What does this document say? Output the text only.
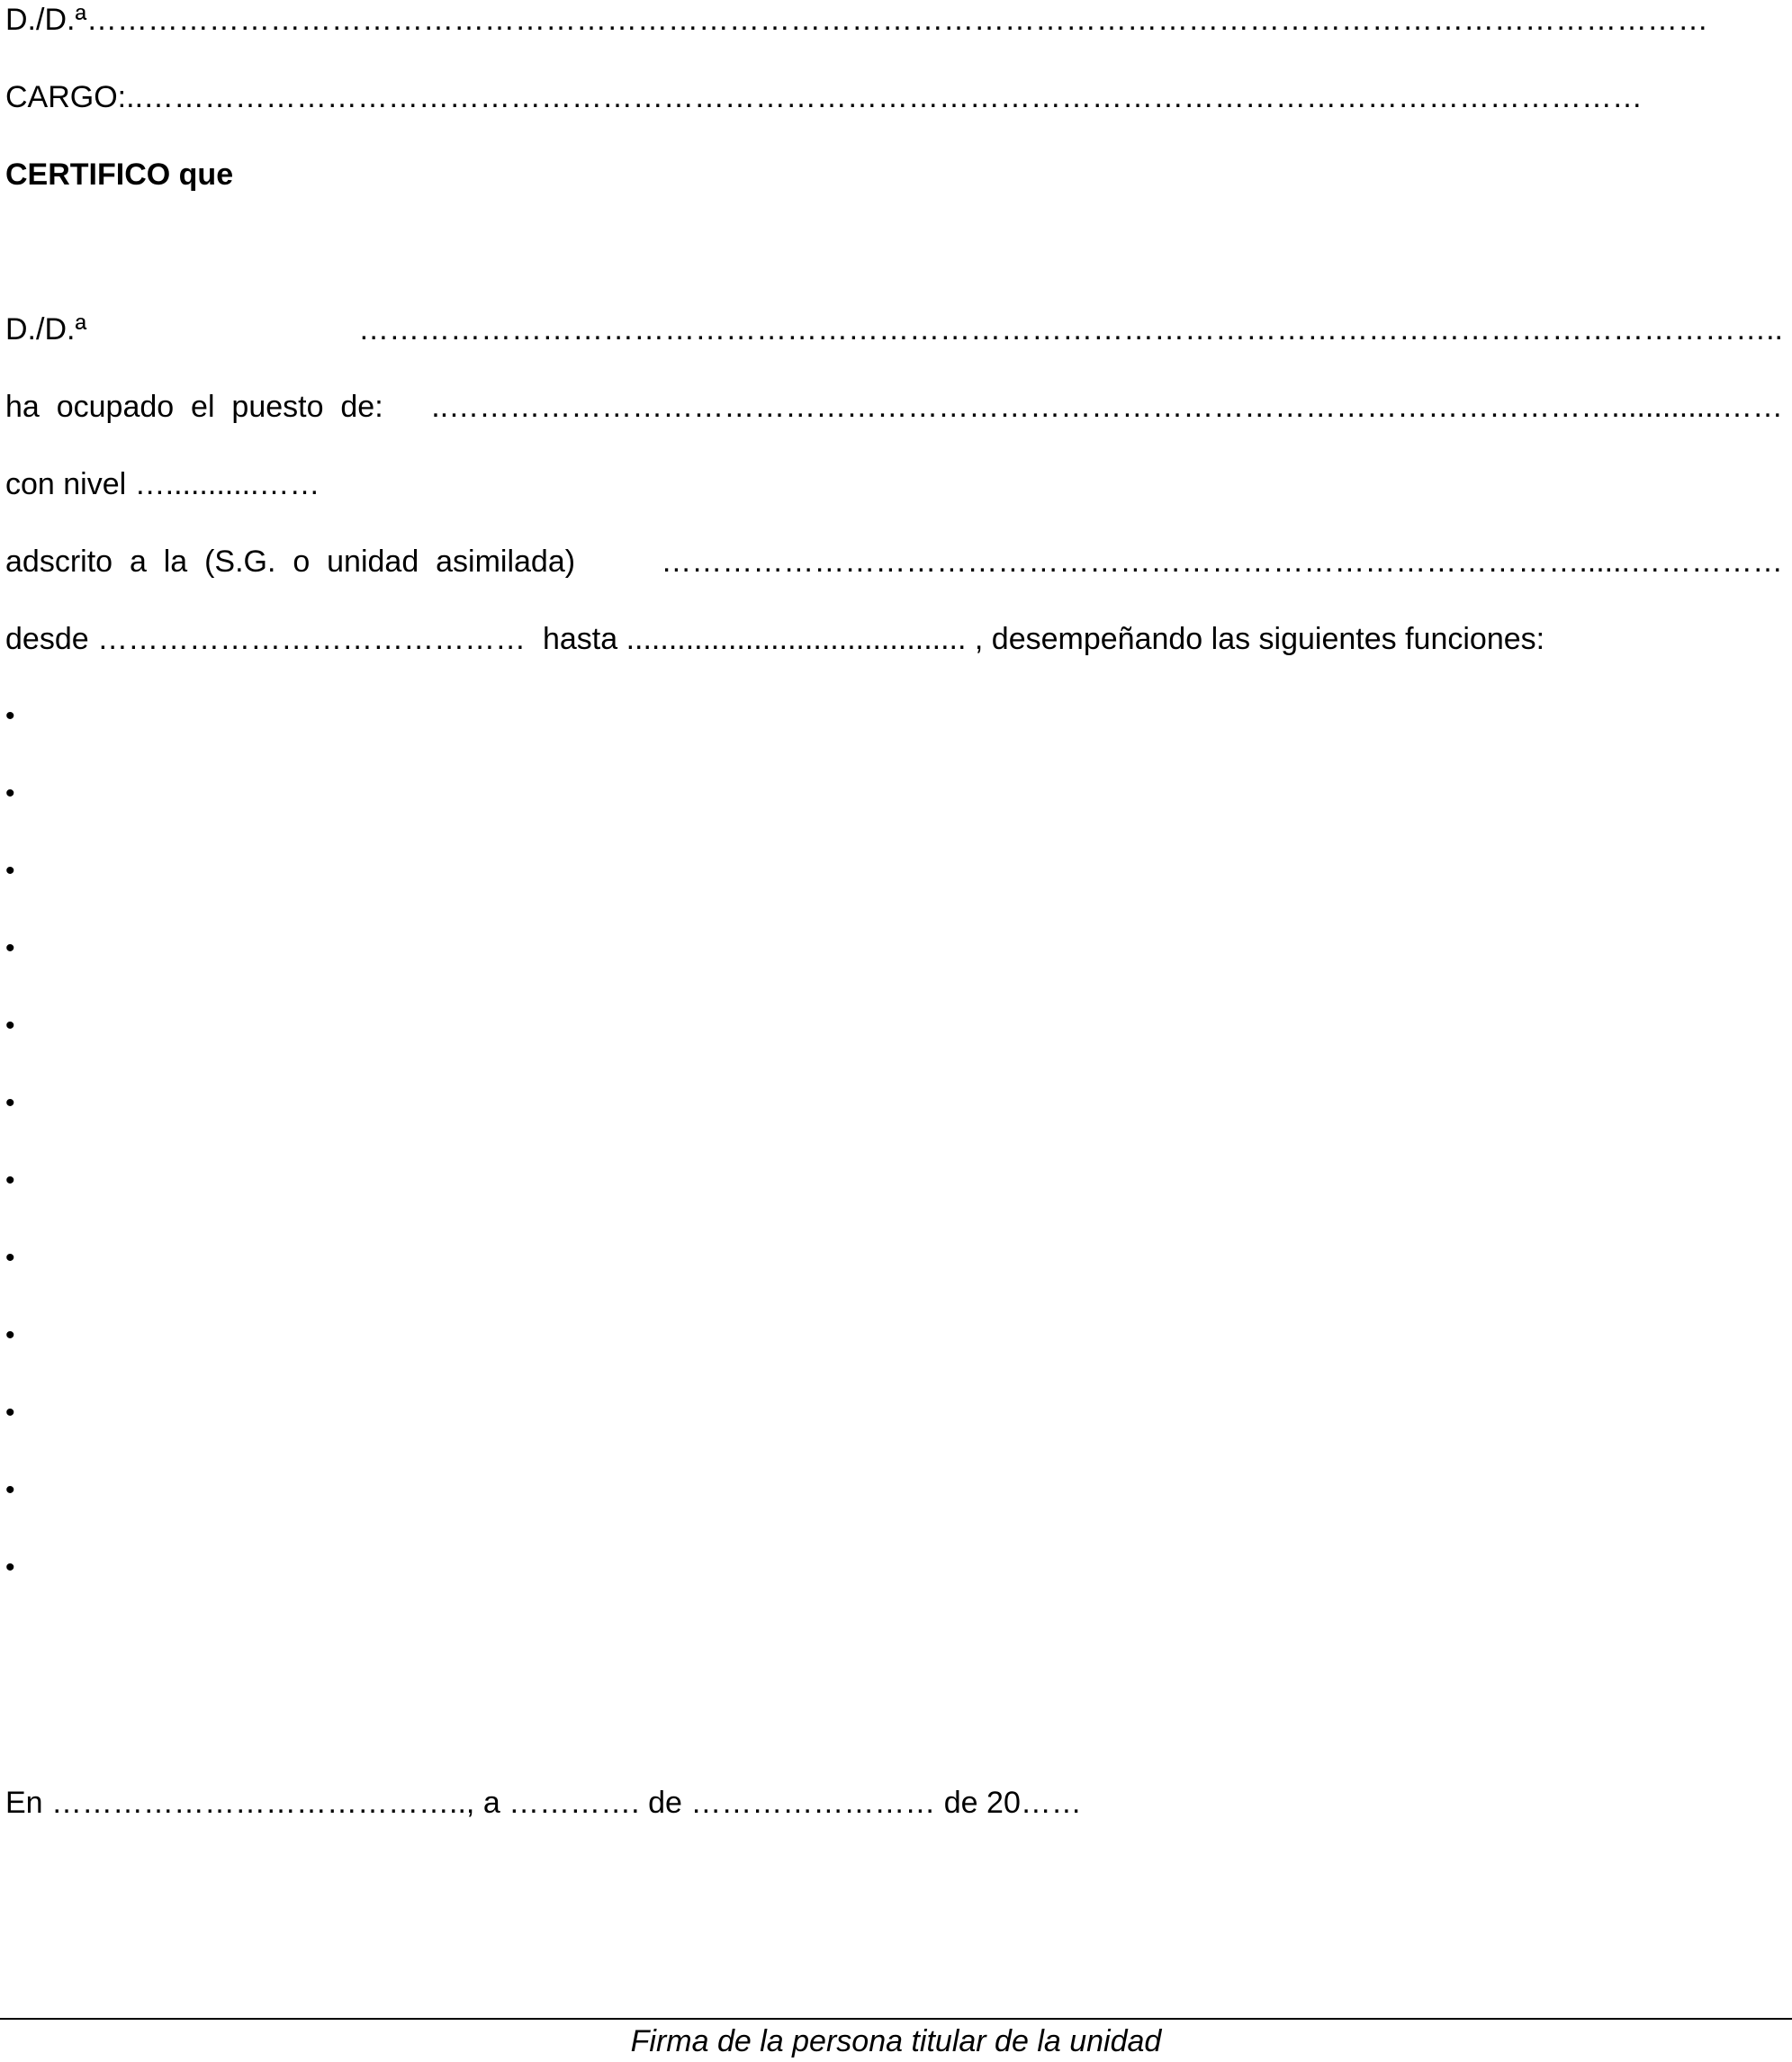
D./D.ª……………………………………………………………………………………………………………………………………………
CARGO:..…………………………………………………………………………………………………………………………………
CERTIFICO que
D./D.ª	…………………………………………………………………………………………………………………………..
ha  ocupado  el  puesto  de: ..…………………………………………………………………………………………………….............……
con nivel …...........……
adscrito  a  la  (S.G.  o  unidad  asimilada)	………………………………………………………………………………......……………
desde ……………………………………  hasta ........................................ , desempeñando las siguientes funciones:
•
•
•
•
•
•
•
•
•
•
•
•
En ………………………………….., a …………. de …………………… de 20……
Firma de la persona titular de la unidad
